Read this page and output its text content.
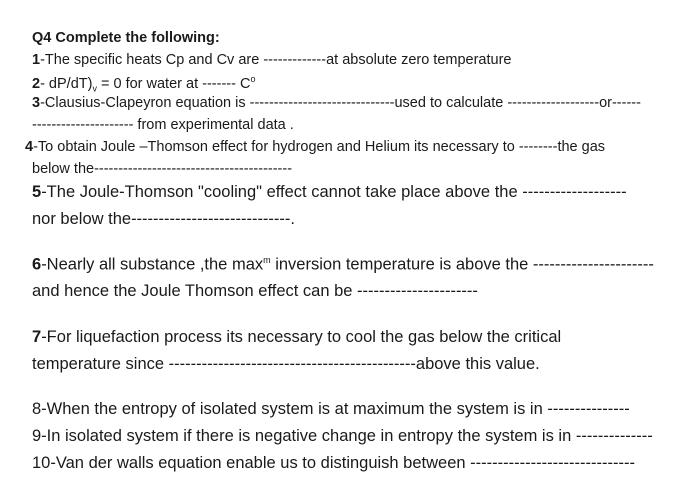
Q4 Complete the following:
1-The specific heats Cp and Cv are -------------at absolute zero temperature
2- $dP/dT)_v = 0$ for water at ------- $C^o$
3-Clausius-Clapeyron equation is ------------------------------used to calculate -------------------or------
--------------------- from experimental data .
4-To obtain Joule –Thomson effect for hydrogen and Helium its necessary to --------the gas
below the-----------------------------------------
5-The Joule-Thomson "cooling" effect cannot take place above the -------------------
nor below the-----------------------------.
6-Nearly all substance ,the $\max^m$ inversion temperature is above the ----------------------
and hence the Joule Thomson effect can be ----------------------
7-For liquefaction process its necessary to cool the gas below the critical
temperature since ---------------------------------------------above this value.
8-When the entropy of isolated system is at maximum the system is in ---------------
9-In isolated system if there is negative change in entropy the system is in --------------
10-Van der walls equation enable us to distinguish between ------------------------------
